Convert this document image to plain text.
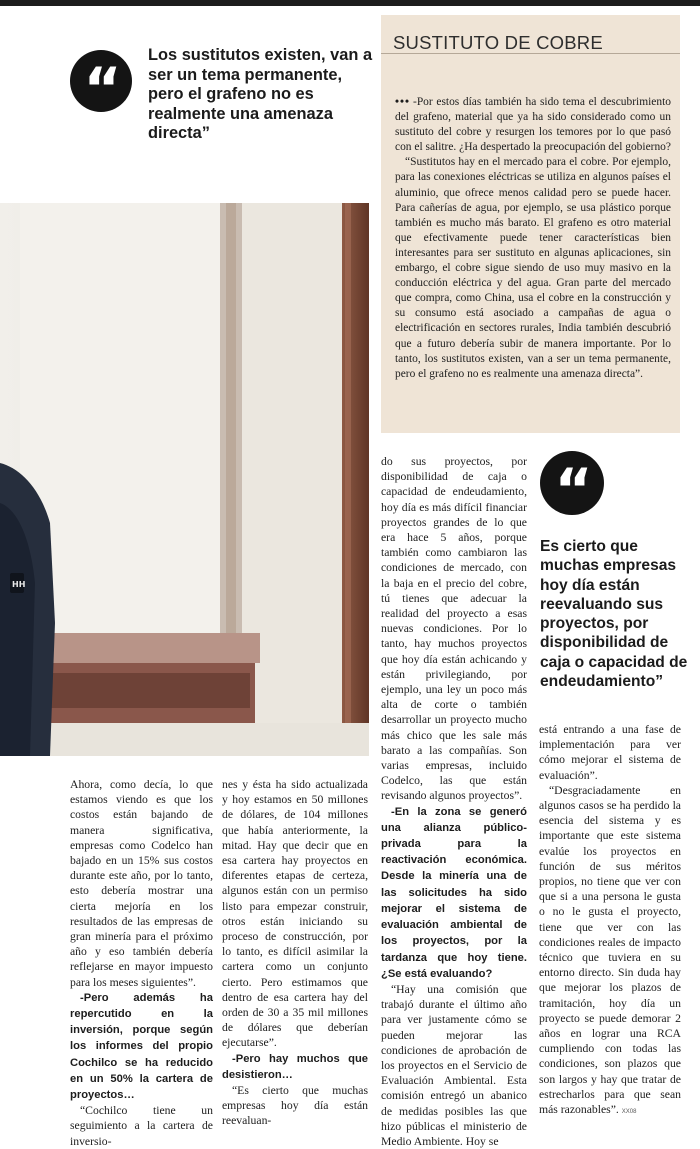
“	Los sustitutos existen, van a ser un tema permanente, pero el grafeno no es realmente una amenaza directa”
SUSTITUTO DE COBRE

••• -Por estos días también ha sido tema el descubrimiento del grafeno, material que ya ha sido considerado como un sustituto del cobre y resurgen los temores por lo que pasó con el salitre. ¿Ha despertado la preocupación del gobierno?

“Sustitutos hay en el mercado para el cobre. Por ejemplo, para las conexiones eléctricas se utiliza en algunos países el aluminio, que ofrece menos calidad pero se puede hacer. Para cañerías de agua, por ejemplo, se usa plástico porque también es mucho más barato. El grafeno es otro material que efectivamente puede tener características bien interesantes para ser sustituto en algunas aplicaciones, sin embargo, el cobre sigue siendo de uso muy masivo en la conducción eléctrica y del agua. Gran parte del mercado que compra, como China, usa el cobre en la construcción y su consumo está asociado a campañas de agua o electrificación en sectores rurales, India también descubrió que a futuro debería subir de manera importante. Por lo tanto, los sustitutos existen, van a ser un tema permanente, pero el grafeno no es realmente una amenaza directa”.

HH
“
Es cierto que muchas empresas hoy día están reevaluando sus proyectos, por disponibilidad de caja o capacidad de endeudamiento”

Ahora, como decía, lo que estamos viendo es que los costos están bajando de manera significativa, empresas como Codelco han bajado en un 15% sus costos durante este año, por lo tanto, esto debería mostrar una cierta mejoría en los resultados de las empresas de gran minería para el próximo año y eso también debería reflejarse en mayor impuesto para los meses siguientes”.

-Pero además ha repercutido en la inversión, porque según los informes del propio Cochilco se ha reducido en un 50% la cartera de proyectos…

“Cochilco tiene un seguimiento a la cartera de inversio-

nes y ésta ha sido actualizada y hoy estamos en 50 millones de dólares, de 104 millones que había anteriormente, la mitad. Hay que decir que en esa cartera hay proyectos en diferentes etapas de certeza, algunos están con un permiso listo para empezar construir, otros están iniciando su proceso de construcción, por lo tanto, es difícil asimilar la cartera como un conjunto cierto. Pero estimamos que dentro de esa cartera hay del orden de 30 a 35 mil millones de dólares que deberían ejecutarse”.

-Pero hay muchos que desistieron…

“Es cierto que muchas empresas hoy día están reevaluan-

do sus proyectos, por disponibilidad de caja o capacidad de endeudamiento, hoy día es más difícil financiar proyectos grandes de lo que era hace 5 años, porque también como cambiaron las condiciones de mercado, con la baja en el precio del cobre, tú tienes que adecuar la realidad del proyecto a esas nuevas condiciones. Por lo tanto, hay muchos proyectos que hoy día están achicando y están privilegiando, por ejemplo, una ley un poco más alta de corte o también desarrollar un proyecto mucho más chico que les sale más barato a las compañías. Son varias empresas, incluido Codelco, las que están revisando algunos proyectos”.

-En la zona se generó una alianza público-privada para la reactivación económica. Desde la minería una de las solicitudes ha sido mejorar el sistema de evaluación ambiental de los proyectos, por la tardanza que hoy tiene. ¿Se está evaluando?

“Hay una comisión que trabajó durante el último año para ver justamente cómo se pueden mejorar las condiciones de aprobación de los proyectos en el Servicio de Evaluación Ambiental. Esta comisión entregó un abanico de medidas posibles las que hizo públicas el ministerio de Medio Ambiente. Hoy se

está entrando a una fase de implementación para ver cómo mejorar el sistema de evaluación”.

“Desgraciadamente en algunos casos se ha perdido la esencia del sistema y es importante que este sistema evalúe los proyectos en función de sus méritos propios, no tiene que ver con que si a una persona le gusta o no le gusta el proyecto, tiene que ver con las condiciones reales de impacto técnico que tuviera en su entorno directo. Sin duda hay que mejorar los plazos de tramitación, hoy día un proyecto se puede demorar 2 años en lograr una RCA cumpliendo con todas las condiciones, son plazos que son largos y hay que tratar de estrecharlos para que sean más razonables”. XX08
